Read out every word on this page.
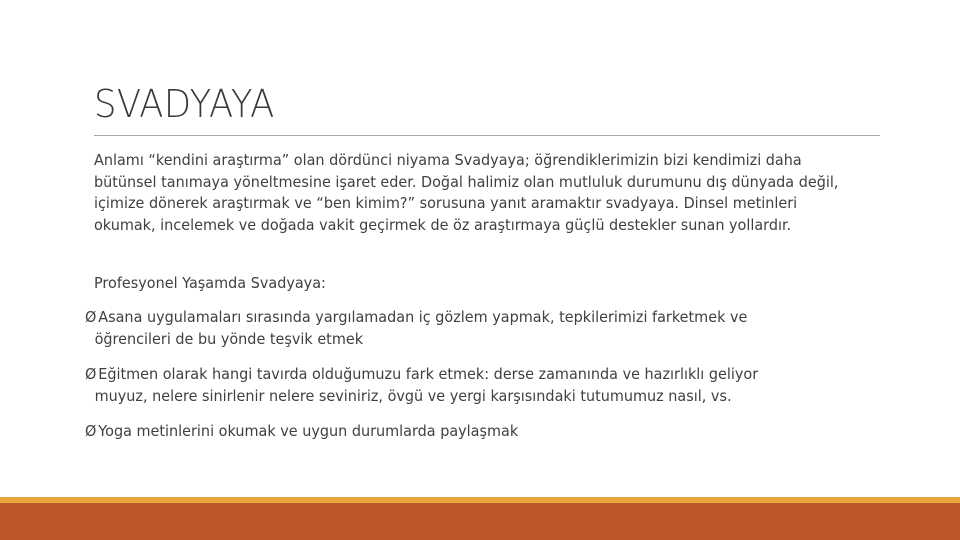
SVADYAYA
Anlamı “kendini araştırma” olan dördünci niyama Svadyaya; öğrendiklerimizin bizi kendimizi daha bütünsel tanımaya yöneltmesine işaret eder. Doğal halimiz olan mutluluk durumunu dış dünyada değil, içimize dönerek araştırmak ve “ben kimim?” sorusuna yanıt aramaktır svadyaya. Dinsel metinleri okumak, incelemek ve doğada vakit geçirmek de öz araştırmaya güçlü destekler sunan yollardır.
Profesyonel Yaşamda Svadyaya:
Ø Asana uygulamaları sırasında yargılamadan iç gözlem yapmak, tepkilerimizi farketmek ve
öğrencileri de bu yönde teşvik etmek
Ø Eğitmen olarak hangi tavırda olduğumuzu fark etmek: derse zamanında ve hazırlıklı geliyor
muyuz, nelere sinirlenir nelere seviniriz, övgü ve yergi karşısındaki tutumumuz nasıl, vs.
Ø Yoga metinlerini okumak ve uygun durumlarda paylaşmak
